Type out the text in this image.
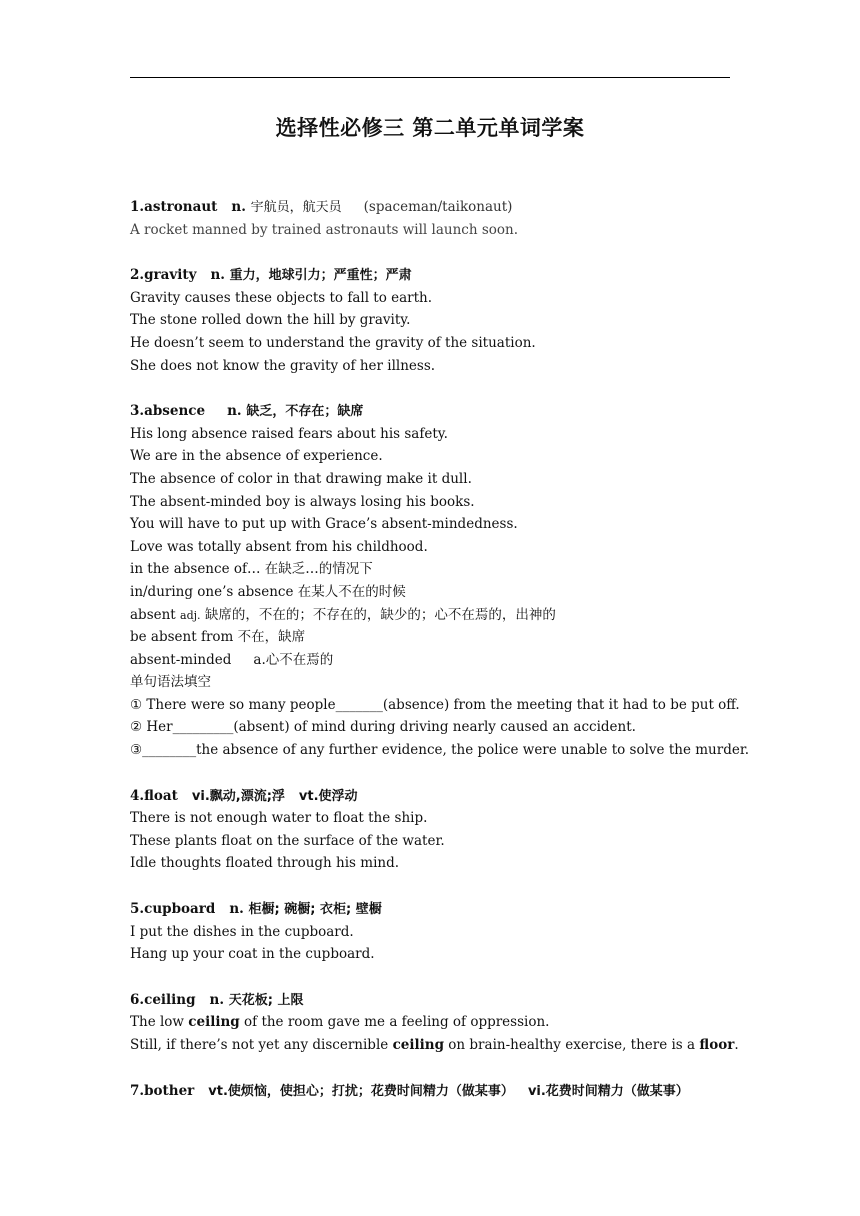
选择性必修三 第二单元单词学案
1.astronaut n. 宇航员，航天员 (spaceman/taikonaut)
A rocket manned by trained astronauts will launch soon.
2.gravity n. 重力，地球引力；严重性；严肃
Gravity causes these objects to fall to earth.
The stone rolled down the hill by gravity.
He doesn’t seem to understand the gravity of the situation.
She does not know the gravity of her illness.
3.absence n. 缺乏，不存在；缺席
His long absence raised fears about his safety.
We are in the absence of experience.
The absence of color in that drawing make it dull.
The absent-minded boy is always losing his books.
You will have to put up with Grace’s absent-mindedness.
Love was totally absent from his childhood.
in the absence of… 在缺乏…的情况下
in/during one’s absence 在某人不在的时候
absent adj. 缺席的，不在的；不存在的，缺少的；心不在焉的，出神的
be absent from 不在，缺席
absent-minded a.心不在焉的
单句语法填空
① There were so many people_______(absence) from the meeting that it had to be put off.
② Her_________(absent) of mind during driving nearly caused an accident.
③________the absence of any further evidence, the police were unable to solve the murder.
4.float vi.飘动,漂流;浮 vt.使浮动
There is not enough water to float the ship.
These plants float on the surface of the water.
Idle thoughts floated through his mind.
5.cupboard n. 柜橱; 碗橱; 衣柜; 壁橱
I put the dishes in the cupboard.
Hang up your coat in the cupboard.
6.ceiling n. 天花板; 上限
The low ceiling of the room gave me a feeling of oppression.
Still, if there’s not yet any discernible ceiling on brain-healthy exercise, there is a floor.
7.bother vt.使烦恼，使担心；打扰；花费时间精力（做某事） vi.花费时间精力（做某事）
